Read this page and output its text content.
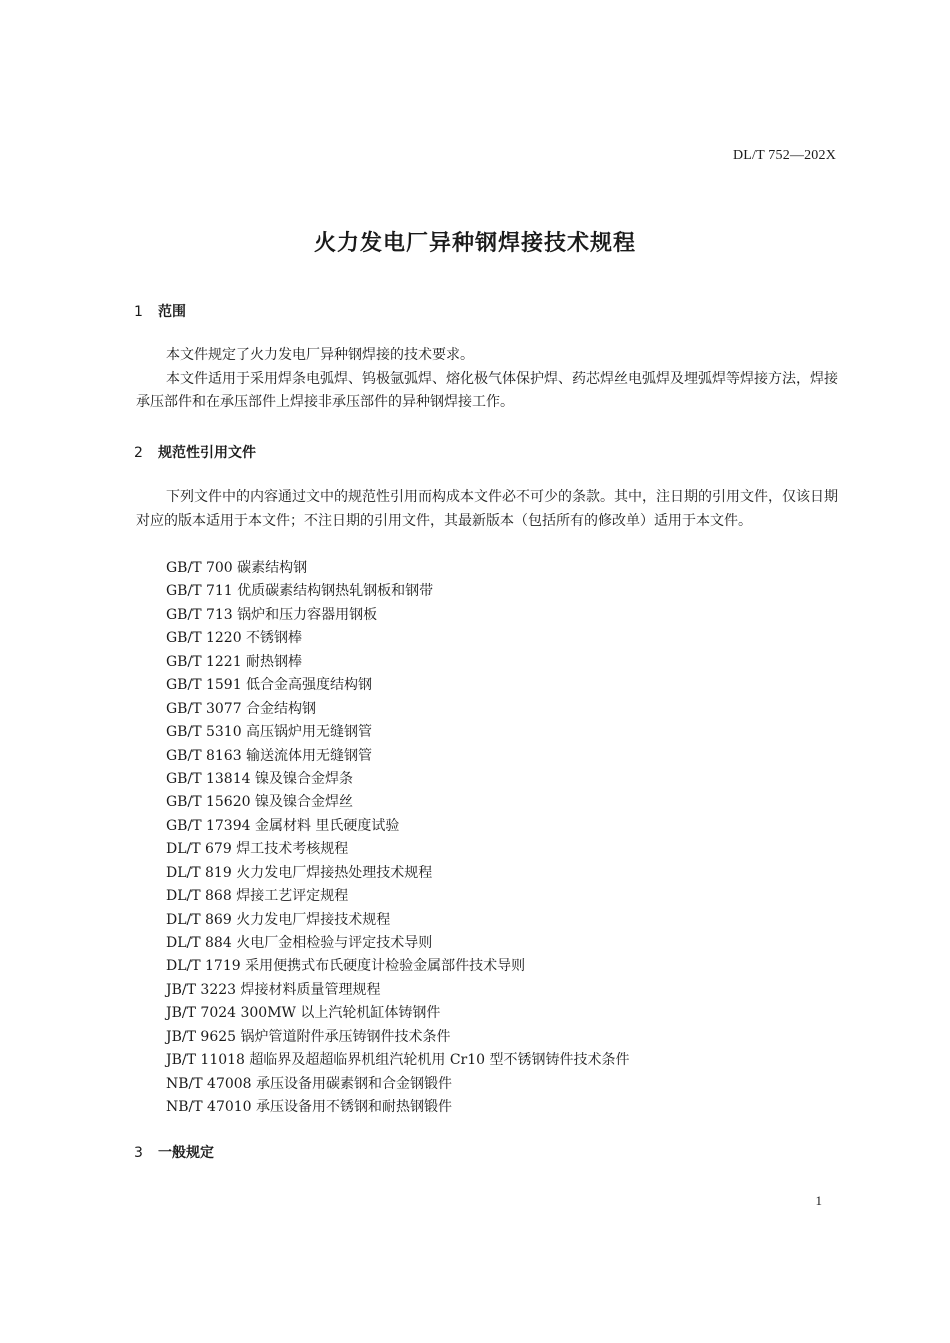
DL/T 752—202X
火力发电厂异种钢焊接技术规程
1 范围

本文件规定了火力发电厂异种钢焊接的技术要求。

本文件适用于采用焊条电弧焊、钨极氩弧焊、熔化极气体保护焊、药芯焊丝电弧焊及埋弧焊等焊接方法，焊接承压部件和在承压部件上焊接非承压部件的异种钢焊接工作。

2 规范性引用文件

下列文件中的内容通过文中的规范性引用而构成本文件必不可少的条款。其中，注日期的引用文件，仅该日期对应的版本适用于本文件；不注日期的引用文件，其最新版本（包括所有的修改单）适用于本文件。

GB/T 700 碳素结构钢
GB/T 711 优质碳素结构钢热轧钢板和钢带
GB/T 713 锅炉和压力容器用钢板
GB/T 1220 不锈钢棒
GB/T 1221 耐热钢棒
GB/T 1591 低合金高强度结构钢
GB/T 3077 合金结构钢
GB/T 5310 高压锅炉用无缝钢管
GB/T 8163 输送流体用无缝钢管
GB/T 13814 镍及镍合金焊条
GB/T 15620 镍及镍合金焊丝
GB/T 17394 金属材料 里氏硬度试验
DL/T 679 焊工技术考核规程
DL/T 819 火力发电厂焊接热处理技术规程
DL/T 868 焊接工艺评定规程
DL/T 869 火力发电厂焊接技术规程
DL/T 884 火电厂金相检验与评定技术导则
DL/T 1719 采用便携式布氏硬度计检验金属部件技术导则
JB/T 3223 焊接材料质量管理规程
JB/T 7024 300MW 以上汽轮机缸体铸钢件
JB/T 9625 锅炉管道附件承压铸钢件技术条件
JB/T 11018 超临界及超超临界机组汽轮机用 Cr10 型不锈钢铸件技术条件
NB/T 47008 承压设备用碳素钢和合金钢锻件
NB/T 47010 承压设备用不锈钢和耐热钢锻件
3 一般规定
1
